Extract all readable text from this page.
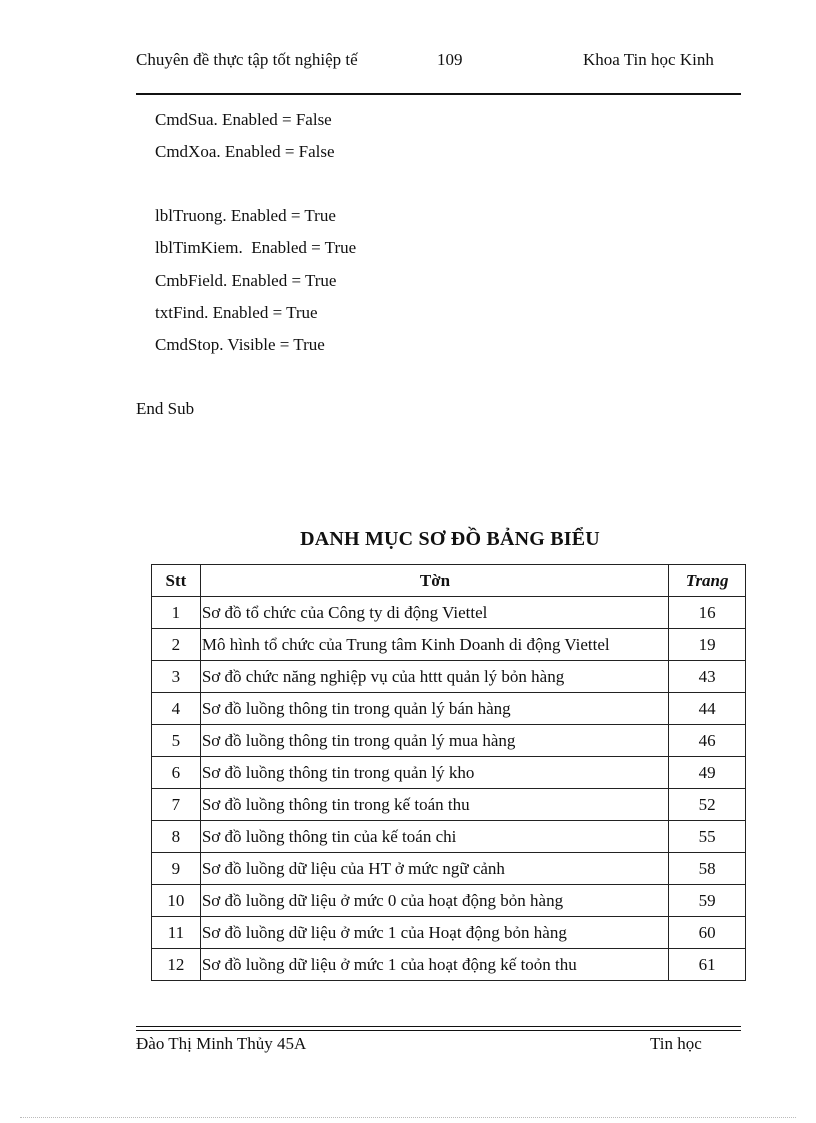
Chuyên đề thực tập tốt nghiệp tế	109	Khoa Tin học Kinh
CmdSua. Enabled = False
CmdXoa. Enabled = False
lblTruong. Enabled = True
lblTimKiem.  Enabled = True
CmbField. Enabled = True
txtFind. Enabled = True
CmdStop. Visible = True
End Sub
DANH MỤC SƠ ĐỒ BẢNG BIỂU
Stt	Tờn	Trang
1	Sơ đồ tổ chức của Công ty di động Viettel	16
2	Mô hình tổ chức của Trung tâm Kinh Doanh di động Viettel	19
3	Sơ đồ chức năng nghiệp vụ của httt quản lý bỏn hàng	43
4	Sơ đồ luồng thông tin trong quản lý bán hàng	44
5	Sơ đồ luồng thông tin trong quản lý mua hàng	46
6	Sơ đồ luồng thông tin trong quản lý kho	49
7	Sơ đồ luồng thông tin trong kế toán thu	52
8	Sơ đồ luồng thông tin của kế toán chi	55
9	Sơ đồ luồng dữ liệu của HT ở mức ngữ cảnh	58
10	Sơ đồ luồng dữ liệu ở mức 0 của hoạt động bỏn hàng	59
11	Sơ đồ luồng dữ liệu ở mức 1 của Hoạt động bỏn hàng	60
12	Sơ đồ luồng dữ liệu ở mức 1 của hoạt động kế toỏn thu	61
Đào Thị Minh Thủy 45A	Tin học
